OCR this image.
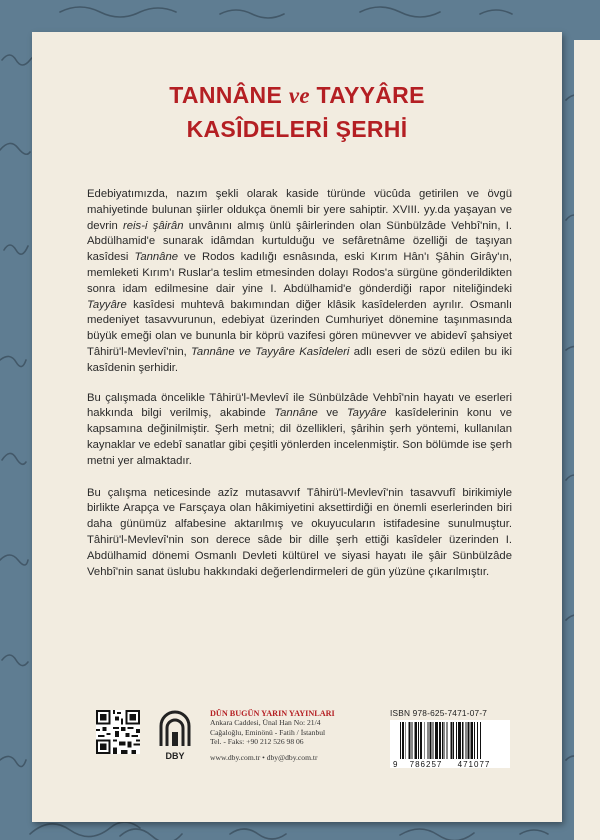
TANNÂNE ve TAYYÂRE
KASÎDELERİ ŞERHİ

Edebiyatımızda, nazım şekli olarak kaside türünde vücûda getirilen ve övgü mahiyetinde bulunan şiirler oldukça önemli bir yere sahiptir. XVIII. yy.da yaşayan ve devrin reis-i şâirân unvânını almış ünlü şâirlerinden olan Sünbülzâde Vehbî'nin, I. Abdülhamid'e sunarak idâmdan kurtulduğu ve sefâretnâme özelliği de taşıyan kasîdesi Tannâne ve Rodos kadılığı esnâsında, eski Kırım Hân'ı Şâhin Girây'ın, memleketi Kırım'ı Ruslar'a teslim etmesinden dolayı Rodos'a sürgüne gönderildikten sonra idam edilmesine dair yine I. Abdülhamid'e gönderdiği rapor niteliğindeki Tayyâre kasîdesi muhtevâ bakımından diğer klâsik kasîdelerden ayrılır. Osmanlı medeniyet tasavvurunun, edebiyat üzerinden Cumhuriyet dönemine taşınmasında büyük emeği olan ve bununla bir köprü vazifesi gören münevver ve abidevî şahsiyet Tâhirü'l-Mevlevî'nin, Tannâne ve Tayyâre Kasîdeleri adlı eseri de sözü edilen bu iki kasîdenin şerhidir.

Bu çalışmada öncelikle Tâhirü'l-Mevlevî ile Sünbülzâde Vehbî'nin hayatı ve eserleri hakkında bilgi verilmiş, akabinde Tannâne ve Tayyâre kasîdelerinin konu ve kapsamına değinilmiştir. Şerh metni; dil özellikleri, şârihin şerh yöntemi, kullanılan kaynaklar ve edebî sanatlar gibi çeşitli yönlerden incelenmiştir. Son bölümde ise şerh metni yer almaktadır.

Bu çalışma neticesinde azîz mutasavvıf Tâhirü'l-Mevlevî'nin tasavvufî birikimiyle birlikte Arapça ve Farsçaya olan hâkimiyetini aksettirdiği en önemli eserlerinden biri daha günümüz alfabesine aktarılmış ve okuyucuların istifadesine sunulmuştur. Tâhirü'l-Mevlevî'nin son derece sâde bir dille şerh ettiği kasîdeler üzerinden I. Abdülhamid dönemi Osmanlı Devleti kültürel ve siyasi hayatı ile şâir Sünbülzâde Vehbî'nin sanat üslubu hakkındaki değerlendirmeleri de gün yüzüne çıkarılmıştır.

DBY
DÜN BUGÜN YARIN YAYINLARI
Ankara Caddesi, Ünal Han No: 21/4
Cağaloğlu, Eminönü - Fatih / İstanbul
Tel. - Faks: +90 212 526 98 06
www.dby.com.tr • dby@dby.com.tr
ISBN 978-625-7471-07-7
9 786257 471077
